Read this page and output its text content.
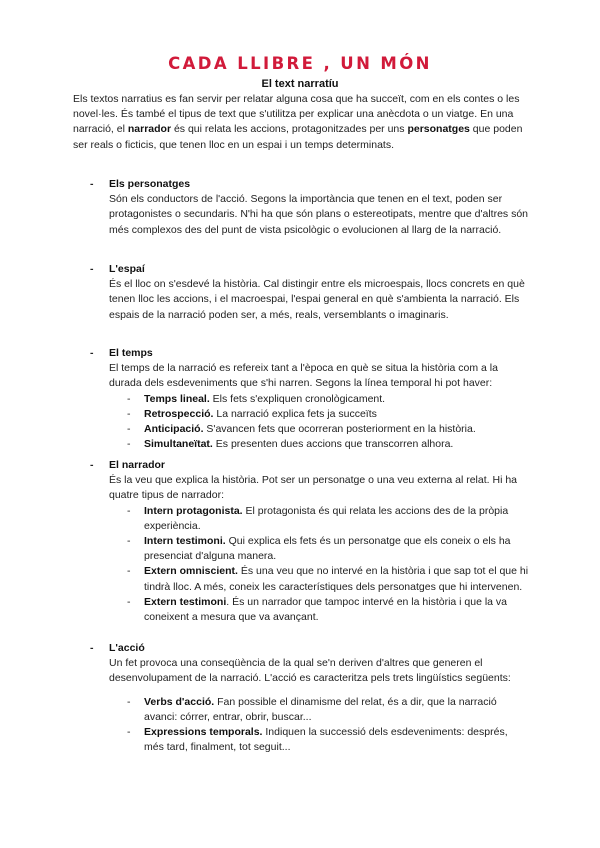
CADA LLIBRE , UN MÓN
El text narratíu

Els textos narratius es fan servir per relatar alguna cosa que ha succeït, com en els contes o les novel·les. És també el tipus de text que s'utilitza per explicar una anècdota o un viatge. En una narració, el narrador és qui relata les accions, protagonitzades per uns personatges que poden ser reals o ficticis, que tenen lloc en un espai i un temps determinats.

- Els personatges
Són els conductors de l'acció. Segons la importància que tenen en el text, poden ser protagonistes o secundaris. N'hi ha que són plans o estereotipats, mentre que d'altres són més complexos des del punt de vista psicològic o evolucionen al llarg de la narració.
- L'espaí
És el lloc on s'esdevé la història. Cal distingir entre els microespais, llocs concrets en què tenen lloc les accions, i el macroespai, l'espai general en què s'ambienta la narració. Els espais de la narració poden ser, a més, reals, versemblants o imaginaris.
- El temps
El temps de la narració es refereix tant a l'època en què se situa la història com a la durada dels esdeveniments que s'hi narren. Segons la línea temporal hi pot haver:
- Temps lineal. Els fets s'expliquen cronològicament.
- Retrospecció. La narració explica fets ja succeïts
- Anticipació. S'avancen fets que ocorreran posteriorment en la història.
- Simultaneïtat. Es presenten dues accions que transcorren alhora.
- El narrador
És la veu que explica la història. Pot ser un personatge o una veu externa al relat. Hi ha quatre tipus de narrador:
- Intern protagonista. El protagonista és qui relata les accions des de la pròpia experiència.
- Intern testimoni. Qui explica els fets és un personatge que els coneix o els ha presenciat d'alguna manera.
- Extern omniscient. És una veu que no intervé en la història i que sap tot el que hi tindrà lloc. A més, coneix les característiques dels personatges que hi intervenen.
- Extern testimoni. És un narrador que tampoc intervé en la història i que la va coneixent a mesura que va avançant.
- L'acció
Un fet provoca una conseqüència de la qual se'n deriven d'altres que generen el desenvolupament de la narració. L'acció es caracteritza pels trets lingüístics següents:
- Verbs d'acció. Fan possible el dinamisme del relat, és a dir, que la narració avanci: córrer, entrar, obrir, buscar...
- Expressions temporals. Indiquen la successió dels esdeveniments: després, més tard, finalment, tot seguit...
